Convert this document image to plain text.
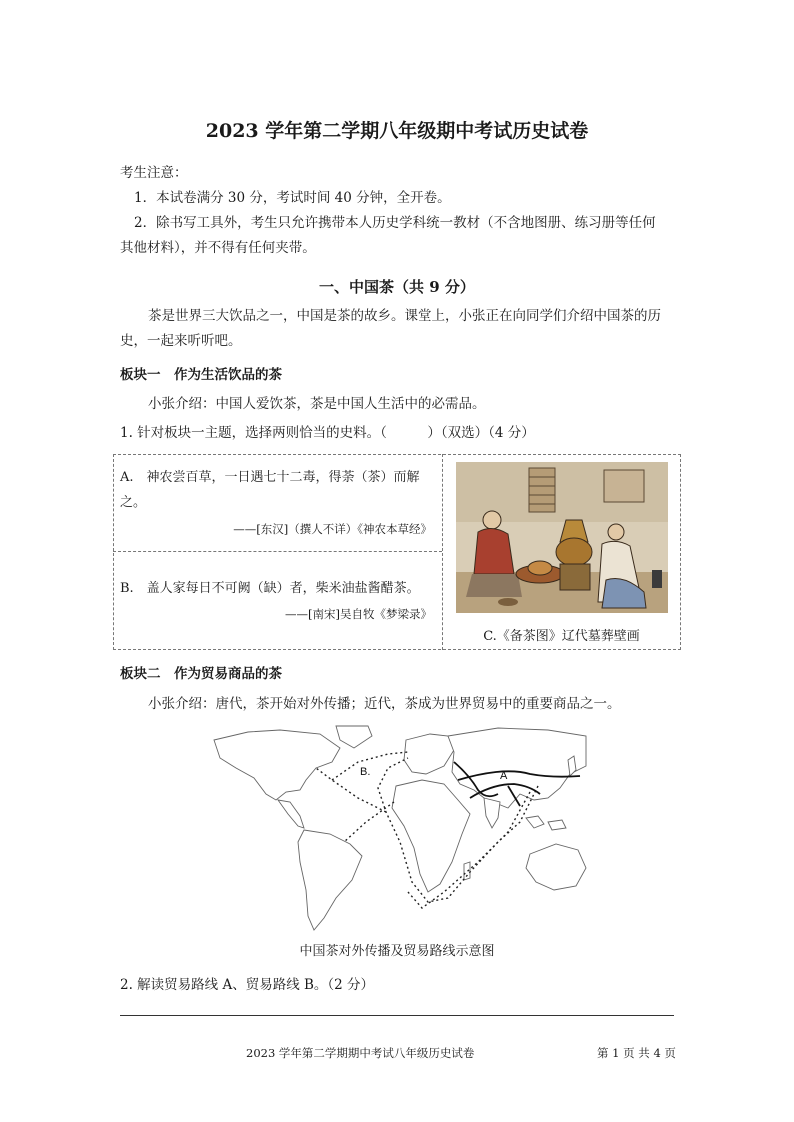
2023 学年第二学期八年级期中考试历史试卷
考生注意：
1．本试卷满分 30 分，考试时间 40 分钟，全开卷。
2．除书写工具外，考生只允许携带本人历史学科统一教材（不含地图册、练习册等任何
其他材料），并不得有任何夹带。
一、中国茶（共 9 分）
茶是世界三大饮品之一，中国是茶的故乡。课堂上，小张正在向同学们介绍中国茶的历
史，一起来听听吧。
板块一　作为生活饮品的茶
小张介绍：中国人爱饮茶，茶是中国人生活中的必需品。
1. 针对板块一主题，选择两则恰当的史料。（　　　）（双选）（4 分）
A.　神农尝百草，一日遇七十二毒，得荼（茶）而解
之。
——[东汉]（撰人不详）《神农本草经》
B.　盖人家每日不可阙（缺）者，柴米油盐酱醋茶。
——[南宋]吴自牧《梦梁录》
C.《备茶图》辽代墓葬壁画
板块二　作为贸易商品的茶
小张介绍：唐代，茶开始对外传播；近代，茶成为世界贸易中的重要商品之一。
A
B.
中国茶对外传播及贸易路线示意图
2. 解读贸易路线 A、贸易路线 B。（2 分）
2023 学年第二学期期中考试八年级历史试卷	第 1 页 共 4 页
